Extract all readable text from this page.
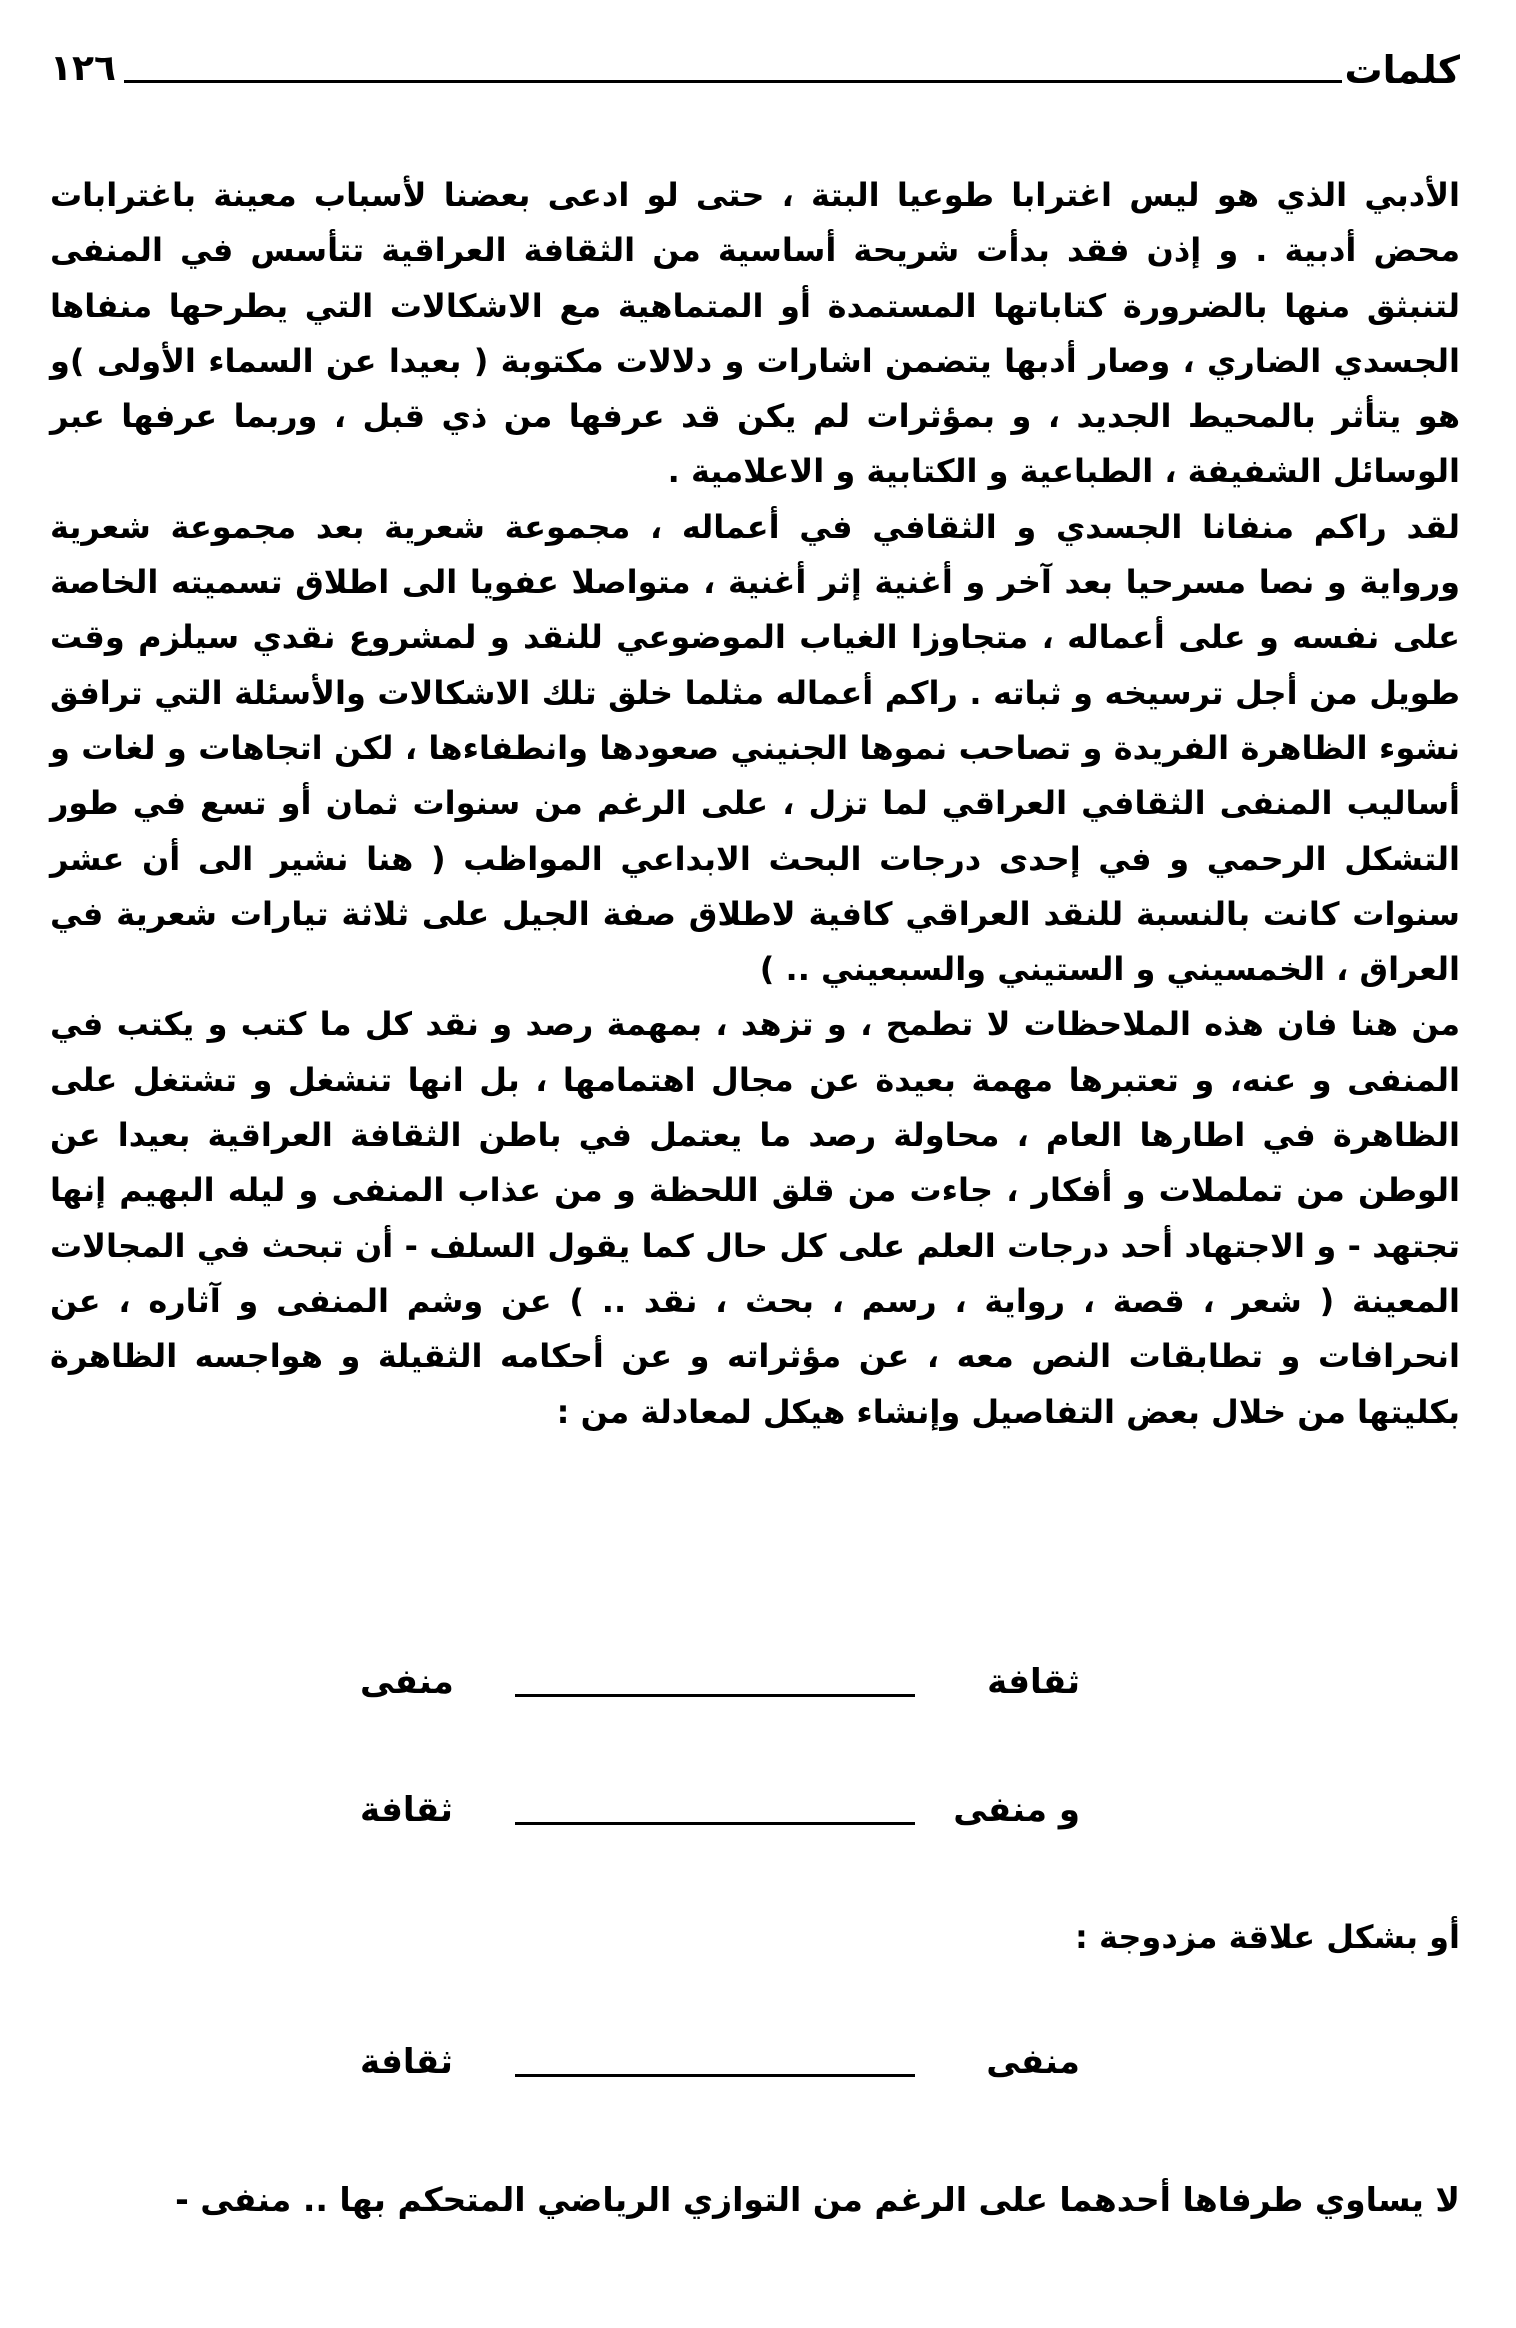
كلمات
١٢٦

الأدبي الذي هو ليس اغترابا طوعيا البتة ، حتى لو ادعى بعضنا لأسباب معينة باغترابات محض أدبية . و إذن فقد بدأت شريحة أساسية من الثقافة العراقية تتأسس في المنفى لتنبثق منها بالضرورة كتاباتها المستمدة أو المتماهية مع الاشكالات التي يطرحها منفاها الجسدي الضاري ، وصار أدبها يتضمن اشارات و دلالات مكتوبة ( بعيدا عن السماء الأولى )و هو يتأثر بالمحيط الجديد ، و بمؤثرات لم يكن قد عرفها من ذي قبل ، وربما عرفها عبر الوسائل الشفيفة ، الطباعية و الكتابية و الاعلامية .

لقد راكم منفانا الجسدي و الثقافي في أعماله ، مجموعة شعرية بعد مجموعة شعرية ورواية و نصا مسرحيا بعد آخر و أغنية إثر أغنية ، متواصلا عفويا الى اطلاق تسميته الخاصة على نفسه و على أعماله ، متجاوزا الغياب الموضوعي للنقد و لمشروع نقدي سيلزم وقت طويل من أجل ترسيخه و ثباته . راكم أعماله مثلما خلق تلك الاشكالات والأسئلة التي ترافق نشوء الظاهرة الفريدة و تصاحب نموها الجنيني صعودها وانطفاءها ، لكن اتجاهات و لغات و أساليب المنفى الثقافي العراقي لما تزل ، على الرغم من سنوات ثمان أو تسع في طور التشكل الرحمي و في إحدى درجات البحث الابداعي المواظب ( هنا نشير الى أن عشر سنوات كانت بالنسبة للنقد العراقي كافية لاطلاق صفة الجيل على ثلاثة تيارات شعرية في العراق ، الخمسيني و الستيني والسبعيني .. )

من هنا فان هذه الملاحظات لا تطمح ، و تزهد ، بمهمة رصد و نقد كل ما كتب و يكتب في المنفى و عنه، و تعتبرها مهمة بعيدة عن مجال اهتمامها ، بل انها تنشغل و تشتغل على الظاهرة في اطارها العام ، محاولة رصد ما يعتمل في باطن الثقافة العراقية بعيدا عن الوطن من تململات و أفكار ، جاءت من قلق اللحظة و من عذاب المنفى و ليله البهيم إنها تجتهد - و الاجتهاد أحد درجات العلم على كل حال كما يقول السلف - أن تبحث في المجالات المعينة ( شعر ، قصة ، رواية ، رسم ، بحث ، نقد .. ) عن وشم المنفى و آثاره ، عن انحرافات و تطابقات النص معه ، عن مؤثراته و عن أحكامه الثقيلة و هواجسه الظاهرة بكليتها من خلال بعض التفاصيل وإنشاء هيكل لمعادلة من :

ثقافة
منفى
و منفى
ثقافة
أو بشكل علاقة مزدوجة :
منفى
ثقافة
لا يساوي طرفاها أحدهما على الرغم من التوازي الرياضي المتحكم بها .. منفى -
